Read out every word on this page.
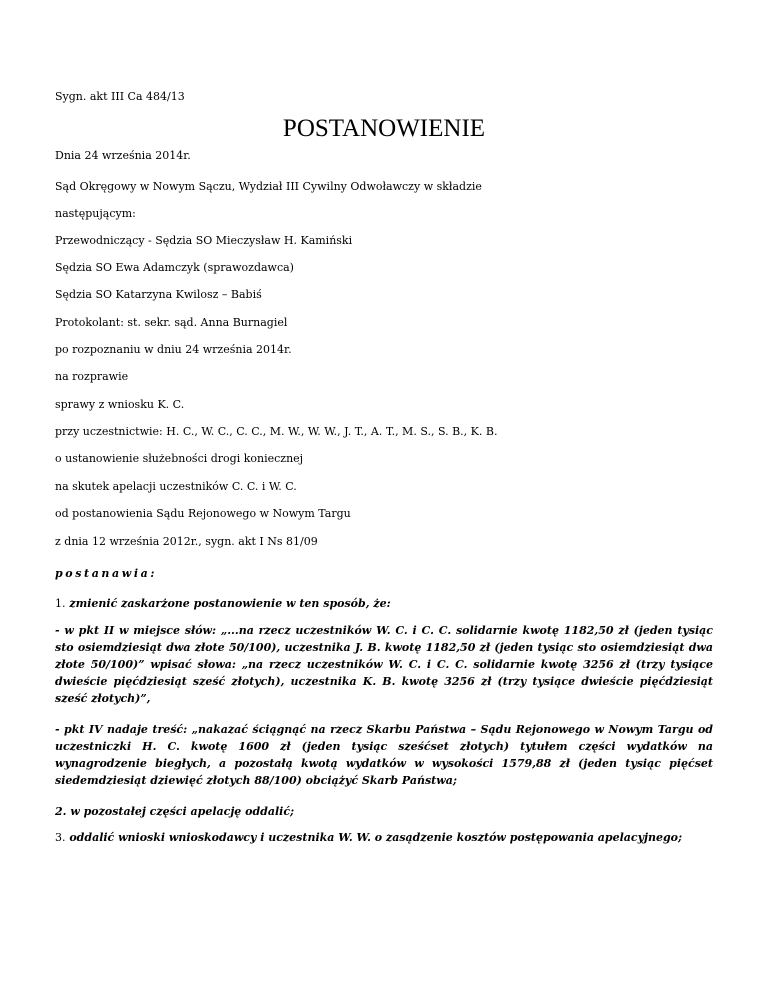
Sygn. akt III Ca 484/13
POSTANOWIENIE
Dnia 24 września 2014r.
Sąd Okręgowy w Nowym Sączu, Wydział III Cywilny Odwoławczy w składzie
następującym:
Przewodniczący - Sędzia SO Mieczysław H. Kamiński
Sędzia SO Ewa Adamczyk (sprawozdawca)
Sędzia SO Katarzyna Kwilosz – Babiś
Protokolant: st. sekr. sąd. Anna Burnagiel
po rozpoznaniu w dniu 24 września 2014r.
na rozprawie
sprawy z wniosku K. C.
przy uczestnictwie: H. C., W. C., C. C., M. W., W. W., J. T., A. T., M. S., S. B., K. B.
o ustanowienie służebności drogi koniecznej
na skutek apelacji uczestników C. C. i W. C.
od postanowienia Sądu Rejonowego w Nowym Targu
z dnia 12 września 2012r., sygn. akt I Ns 81/09
postanawia:
1. zmienić zaskarżone postanowienie w ten sposób, że:
- w pkt II w miejsce słów: „...na rzecz uczestników W. C. i C. C. solidarnie kwotę 1182,50 zł (jeden tysiąc sto osiemdziesiąt dwa złote 50/100), uczestnika J. B. kwotę 1182,50 zł (jeden tysiąc sto osiemdziesiąt dwa złote 50/100)” wpisać słowa: „na rzecz uczestników W. C. i C. C. solidarnie kwotę 3256 zł (trzy tysiące dwieście pięćdziesiąt sześć złotych), uczestnika K. B. kwotę 3256 zł (trzy tysiące dwieście pięćdziesiąt sześć złotych)”,
- pkt IV nadaje treść: „nakazać ściągnąć na rzecz Skarbu Państwa – Sądu Rejonowego w Nowym Targu od uczestniczki H. C. kwotę 1600 zł (jeden tysiąc sześćset złotych) tytułem części wydatków na wynagrodzenie biegłych, a pozostałą kwotą wydatków w wysokości 1579,88 zł (jeden tysiąc pięćset siedemdziesiąt dziewięć złotych 88/100) obciążyć Skarb Państwa;
2. w pozostałej części apelację oddalić;
3. oddalić wnioski wnioskodawcy i uczestnika W. W. o zasądzenie kosztów postępowania apelacyjnego;
